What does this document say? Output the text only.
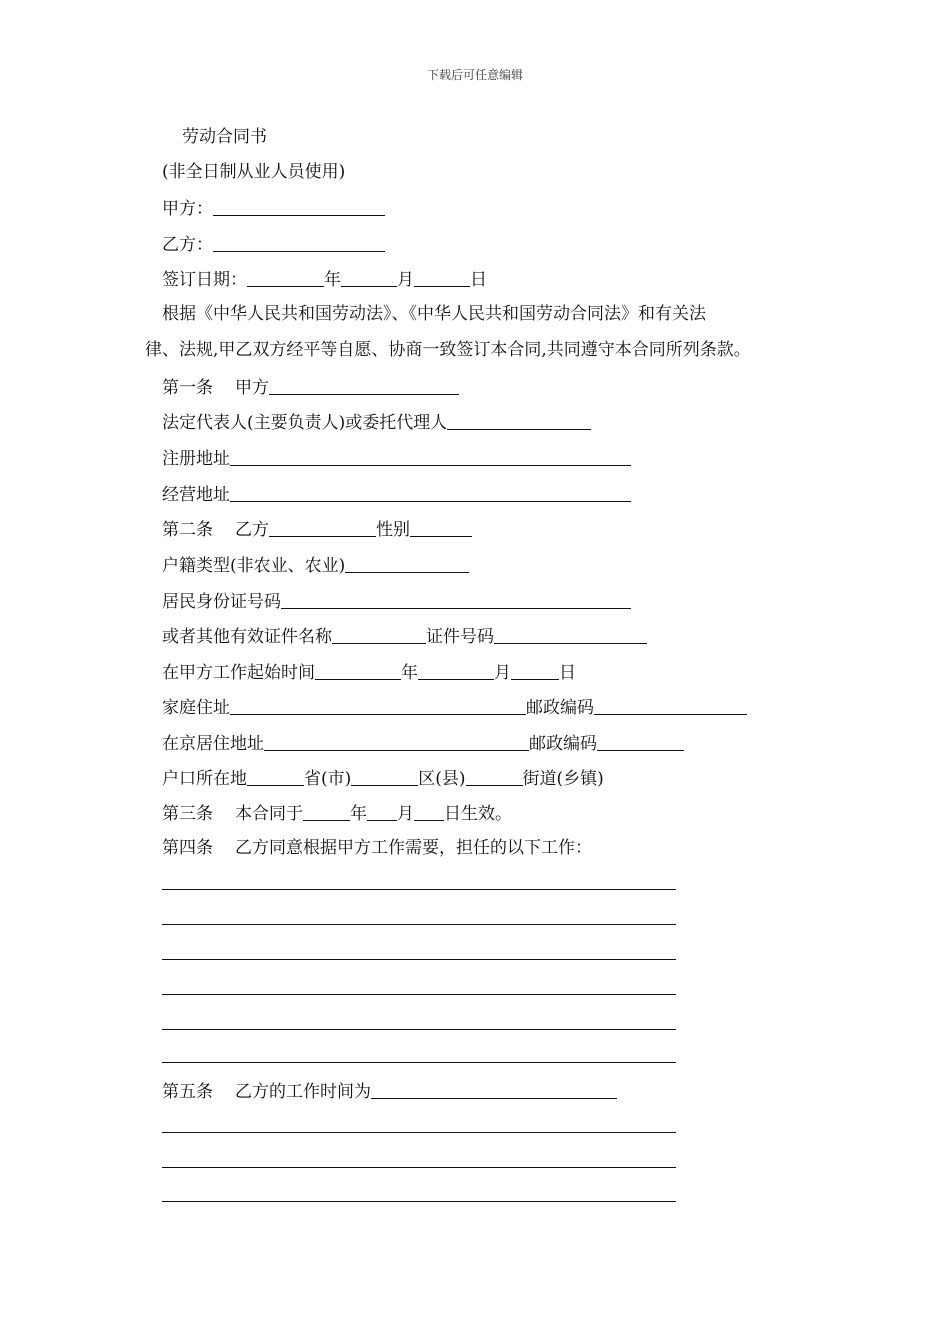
下载后可任意编辑
劳动合同书
(非全日制从业人员使用)
甲方：
乙方：
签订日期：	年	月	日
根据《中华人民共和国劳动法》、《中华人民共和国劳动合同法》和有关法
律、法规,甲乙双方经平等自愿、协商一致签订本合同,共同遵守本合同所列条款。
第一条 甲方
法定代表人(主要负责人)或委托代理人
注册地址
经营地址
第二条 乙方	性别
户籍类型(非农业、农业)
居民身份证号码
或者其他有效证件名称	证件号码
在甲方工作起始时间	年	月	日
家庭住址	邮政编码
在京居住地址	邮政编码
户口所在地	省(市)	区(县)	街道(乡镇)
第三条 本合同于	年 月 日生效。
第四条 乙方同意根据甲方工作需要，担任的以下工作：
第五条 乙方的工作时间为
